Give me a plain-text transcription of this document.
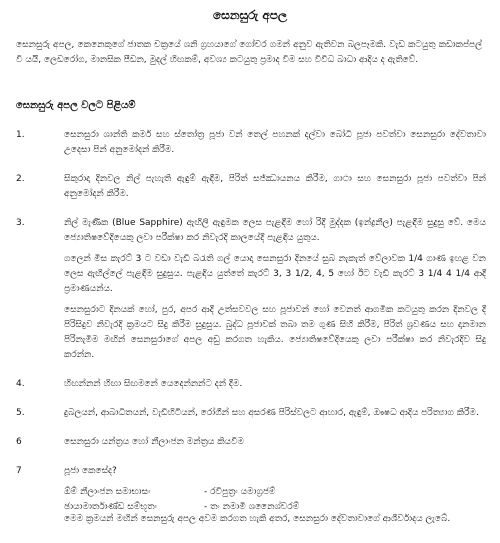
සෙනසුරු අපල
සෙනසුරු අපල, කෙනෙකුගේ ජාතක චක්‍රයේ ශනි ග්‍රහයාගේ ගෝචර ගමන් අනුව ඇතිවන බලපෑමකි. වැඩ කටයුතු කඩාකප්පල් වී යයි, ලෙඩරෝග, මානසික පීඩන, මුදල් හිඟකම්, අවශ්‍ය කටයුතු ප්‍රමාද වීම සහ විවිධ බාධා ආදිය ද ඇතිවේ.
සෙනසුරු අපල වලට පිළියම්
1.	සෙනසුරා ශාන්ති කර්ම සහ ස්තෝත්‍ර පූජා වන් තෙල් පහනක් දල්වා බෝධි පූජා පවත්වා සෙනසුරා දේවතාවා උදෙසා පින් අනුමෝදන් කිරීම.

2.	සිකුරාදා දිනවල නිල් පැහැති ඇඳුම් ඇඳීම, පිරිත් සජ්ඣායනය කිරීම, ගාථා සහ සෙනසුරා පූජා පවත්වා පින් අනුමෝදන් කිරීම.

3.	නිල් මැණික (Blue Sapphire) ඇඟිලි ඇඳුමක ලෙස පැළඳීම හෝ රිදී මුද්දක (ඉන්ද්‍රනීල) පැළඳීම සුදුසු වේ. මෙය ජ්‍යොතිෂවේදියෙකු ලවා පරීක්ෂා කර නිවැරදි කාලයේදී පැළඳිය යුතුය.

ගලෙන් මිස කැරට් 3 ට වඩා වැඩි බරැති ගල් යොදා සෙනසුරා දිනයේ සුබ නැකැත් වේලාවක 1/4 ගාණ ඉහළ වන ලෙස ඇඟිල්ලේ පැළඳීම සුදුසුය. පැළඳිය යුත්තේ කැරට් 3, 3 1/2, 4, 5 හෝ ඊට වැඩි කැරට් 3 1/4 4 1/4 ආදී ප්‍රමාණයන්ය.

සෙනසුරාට දිනයක් හෝ, පුර, අපර ආදී උත්සවවල සහ පූජාවන් හෝ වෙනත් ආගමික කටයුතු කරන දිනවල දී පිරිසිදුව නිවැරදි ක්‍රමයට සිදු කිරීම සුදුසුය. බුද්ධ පූජාවක් තබා තම ගුණ සිහි කිරීම, පිරිත් ශ්‍රවණය සහ දානමාන පිරිනැමීම මඟින් සෙනසුරාගේ අපල අඩු කරගත හැකිය. ජ්‍යොතිෂවේදියෙකු ලවා පරීක්ෂා කර නිවැරදිව සිදු කරන්න.

4.	හිඟන්නන් හිඟා සිඟමනේ යෙදෙන්නන්ට දන් දීම.

5.	දුබලයන්, ආබාධිතයන්, වැඩිහිටියන්, රෝගීන් සහ අසරණ පිරිස්වලට ආහාර, ඇඳුම්, ඖෂධ ආදිය පරිත්‍යාග කිරීම.

6	සෙනසුරා යන්ත්‍රය හෝ නීලාංජන මන්ත්‍රය කියවීම

7	පූජා කෙසේද?

ඕම් නීලාංජන සමාභාසං	- රවිපුත්‍රං යමාග්‍රජම්
ඡායාමාර්තාණ්ඩ සම්භූතං	- තං නමාමි ශනෛශ්චරම්
මෙම ක්‍රමයන් මඟින් සෙනසුරු අපල අවම කරගත හැකි අතර, සෙනසුරා දේවතාවාගේ ආශීර්වාදය ලැබේ.
